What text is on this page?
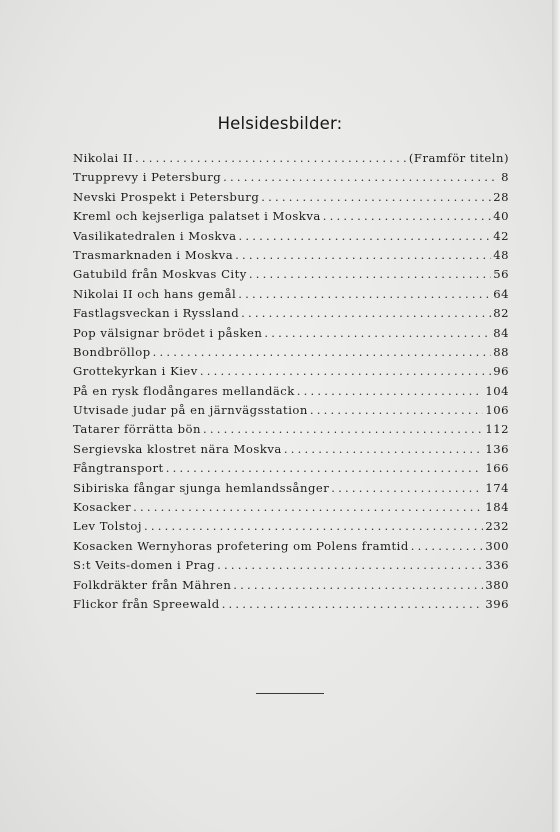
Helsidesbilder:
Nikolai II . . .	(Framför titeln)
Trupprevy i Petersburg . . .	8
Nevski Prospekt i Petersburg . . .	28
Kreml och kejserliga palatset i Moskva . . .	40
Vasilikatedralen i Moskva . . .	42
Trasmarknaden i Moskva . . .	48
Gatubild från Moskvas City . . .	56
Nikolai II och hans gemål . . .	64
Fastlagsveckan i Ryssland . . .	82
Pop välsignar brödet i påsken . . .	84
Bondbröllop . . .	88
Grottekyrkan i Kiev . . .	96
På en rysk flodångares mellandäck . . .	104
Utvisade judar på en järnvägsstation . . .	106
Tatarer förrätta bön . . .	112
Sergievska klostret nära Moskva . . .	136
Fångtransport . . .	166
Sibiriska fångar sjunga hemlandssånger . . .	174
Kosacker . . .	184
Lev Tolstoj . . .	232
Kosacken Wernyhoras profetering om Polens framtid . . .	300
S:t Veits-domen i Prag . . .	336
Folkdräkter från Mähren . . .	380
Flickor från Spreewald . . .	396
